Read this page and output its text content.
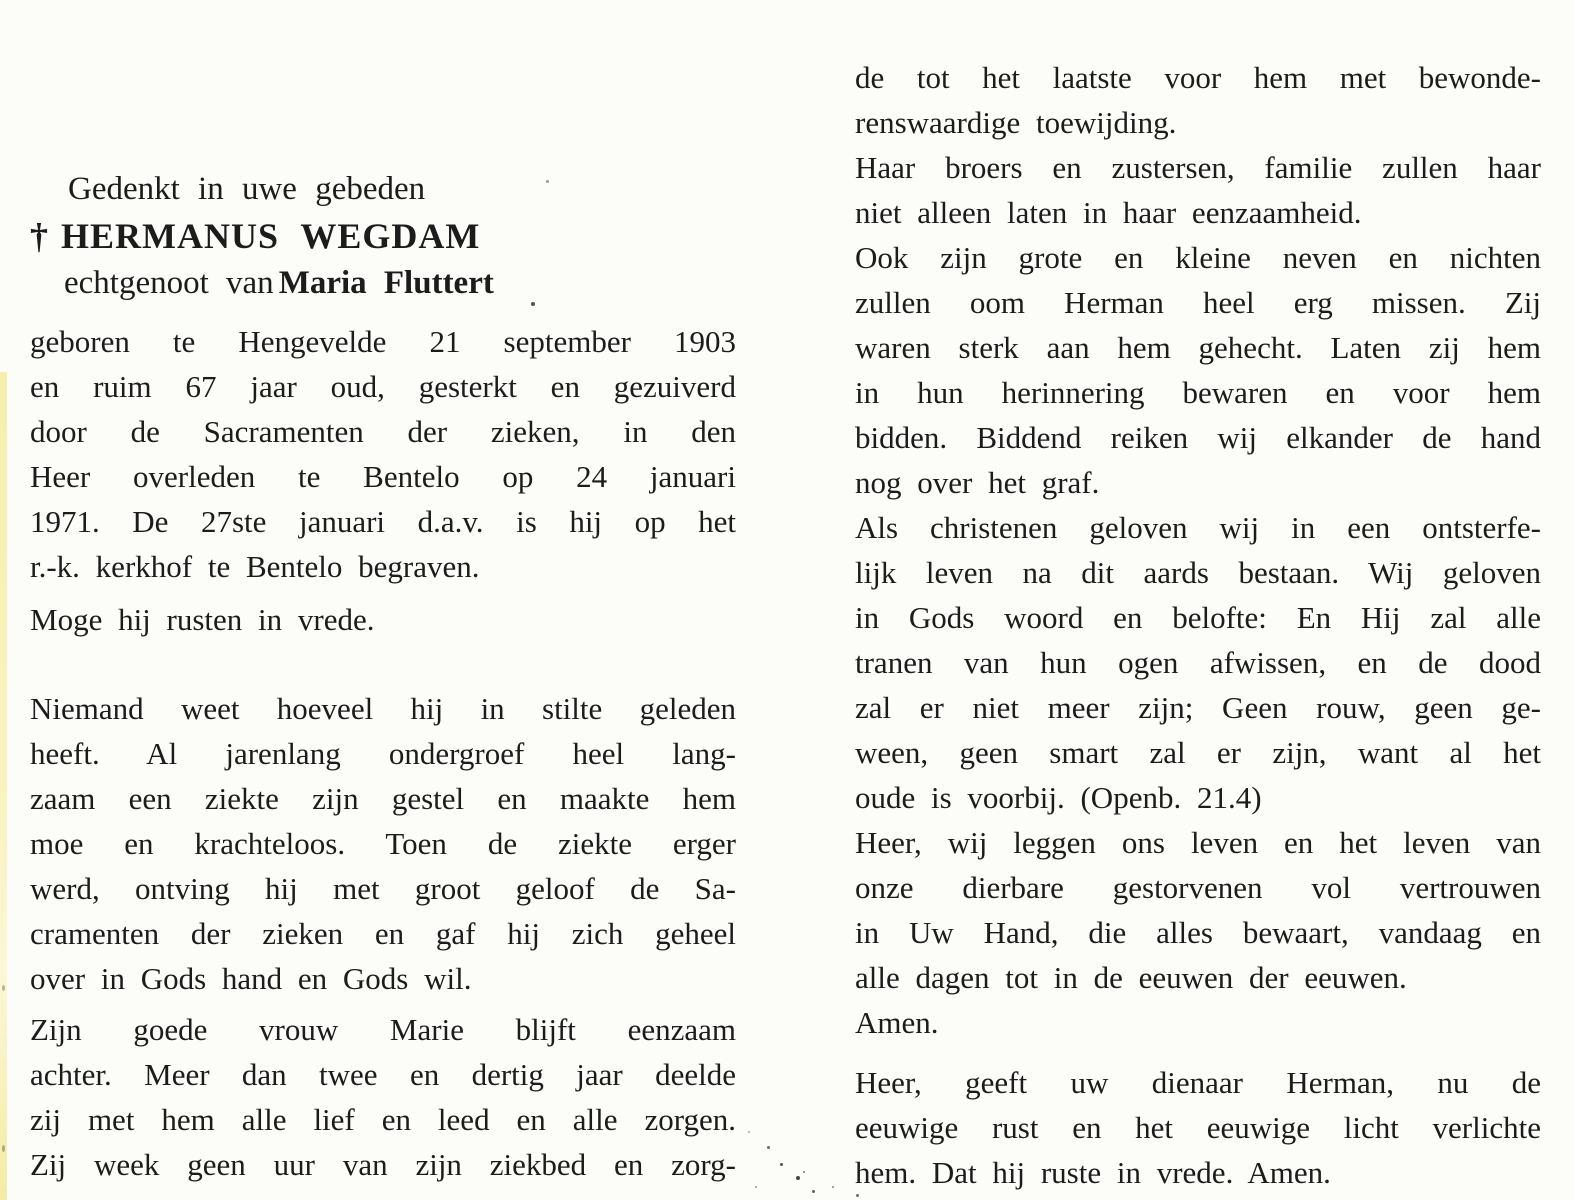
Gedenkt in uwe gebeden
† HERMANUS WEGDAM
echtgenoot van Maria Fluttert
geboren te Hengevelde 21 september 1903
en ruim 67 jaar oud, gesterkt en gezuiverd
door de Sacramenten der zieken, in den
Heer overleden te Bentelo op 24 januari
1971. De 27ste januari d.a.v. is hij op het
r.-k. kerkhof te Bentelo begraven.
Moge hij rusten in vrede.
Niemand weet hoeveel hij in stilte geleden
heeft. Al jarenlang ondergroef heel lang-
zaam een ziekte zijn gestel en maakte hem
moe en krachteloos. Toen de ziekte erger
werd, ontving hij met groot geloof de Sa-
cramenten der zieken en gaf hij zich geheel
over in Gods hand en Gods wil.
Zijn goede vrouw Marie blijft eenzaam
achter. Meer dan twee en dertig jaar deelde
zij met hem alle lief en leed en alle zorgen.
Zij week geen uur van zijn ziekbed en zorg-
de tot het laatste voor hem met bewonde-
renswaardige toewijding.
Haar broers en zustersen, familie zullen haar
niet alleen laten in haar eenzaamheid.
Ook zijn grote en kleine neven en nichten
zullen oom Herman heel erg missen. Zij
waren sterk aan hem gehecht. Laten zij hem
in hun herinnering bewaren en voor hem
bidden. Biddend reiken wij elkander de hand
nog over het graf.
Als christenen geloven wij in een ontsterfe-
lijk leven na dit aards bestaan. Wij geloven
in Gods woord en belofte: En Hij zal alle
tranen van hun ogen afwissen, en de dood
zal er niet meer zijn; Geen rouw, geen ge-
ween, geen smart zal er zijn, want al het
oude is voorbij. (Openb. 21.4)
Heer, wij leggen ons leven en het leven van
onze dierbare gestorvenen vol vertrouwen
in Uw Hand, die alles bewaart, vandaag en
alle dagen tot in de eeuwen der eeuwen.
Amen.
Heer, geeft uw dienaar Herman, nu de
eeuwige rust en het eeuwige licht verlichte
hem. Dat hij ruste in vrede. Amen.
